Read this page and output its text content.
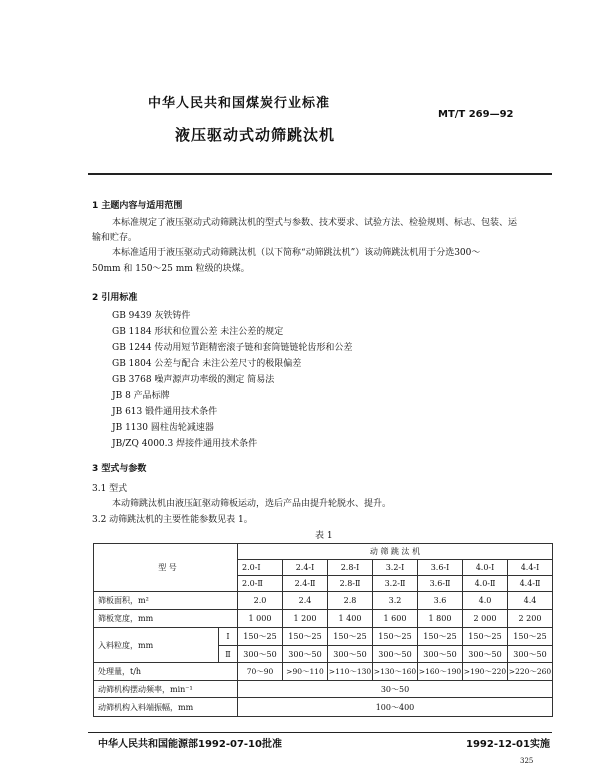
中华人民共和国煤炭行业标准
MT/T 269—92
液压驱动式动筛跳汰机
1 主题内容与适用范围
本标准规定了液压驱动式动筛跳汰机的型式与参数、技术要求、试验方法、检验规则、标志、包装、运
输和贮存。
本标准适用于液压驱动式动筛跳汰机（以下简称“动筛跳汰机”）该动筛跳汰机用于分选300～
50mm 和 150～25 mm 粒级的块煤。
2 引用标准
GB 9439 灰铁铸件
GB 1184 形状和位置公差 未注公差的规定
GB 1244 传动用短节距精密滚子链和套筒链链轮齿形和公差
GB 1804 公差与配合 未注公差尺寸的极限偏差
GB 3768 噪声源声功率级的测定 简易法
JB 8 产品标牌
JB 613 锻件通用技术条件
JB 1130 圆柱齿轮减速器
JB/ZQ 4000.3 焊接件通用技术条件
3 型式与参数
3.1 型式
本动筛跳汰机由液压缸驱动筛板运动，选后产品由提升轮脱水、提升。
3.2 动筛跳汰机的主要性能参数见表 1。
表 1
型 号		动 筛 跳 汰 机						
		2.0-Ⅰ	2.4-Ⅰ	2.8-Ⅰ	3.2-Ⅰ	3.6-Ⅰ	4.0-Ⅰ	4.4-Ⅰ
		2.0-Ⅱ	2.4-Ⅱ	2.8-Ⅱ	3.2-Ⅱ	3.6-Ⅱ	4.0-Ⅱ	4.4-Ⅱ
筛板面积，m²		2.0	2.4	2.8	3.2	3.6	4.0	4.4
筛板宽度，mm		1 000	1 200	1 400	1 600	1 800	2 000	2 200
入料粒度，mm	Ⅰ	150～25	150～25	150～25	150～25	150～25	150～25	150～25
	Ⅱ	300～50	300～50	300～50	300～50	300～50	300～50	300～50
处理量，t/h		70～90	>90～110	>110～130	>130～160	>160～190	>190～220	>220～260
动筛机构摆动频率，min⁻¹		30～50						
动筛机构入料端振幅，mm		100～400						
中华人民共和国能源部1992-07-10批准	1992-12-01实施
325
